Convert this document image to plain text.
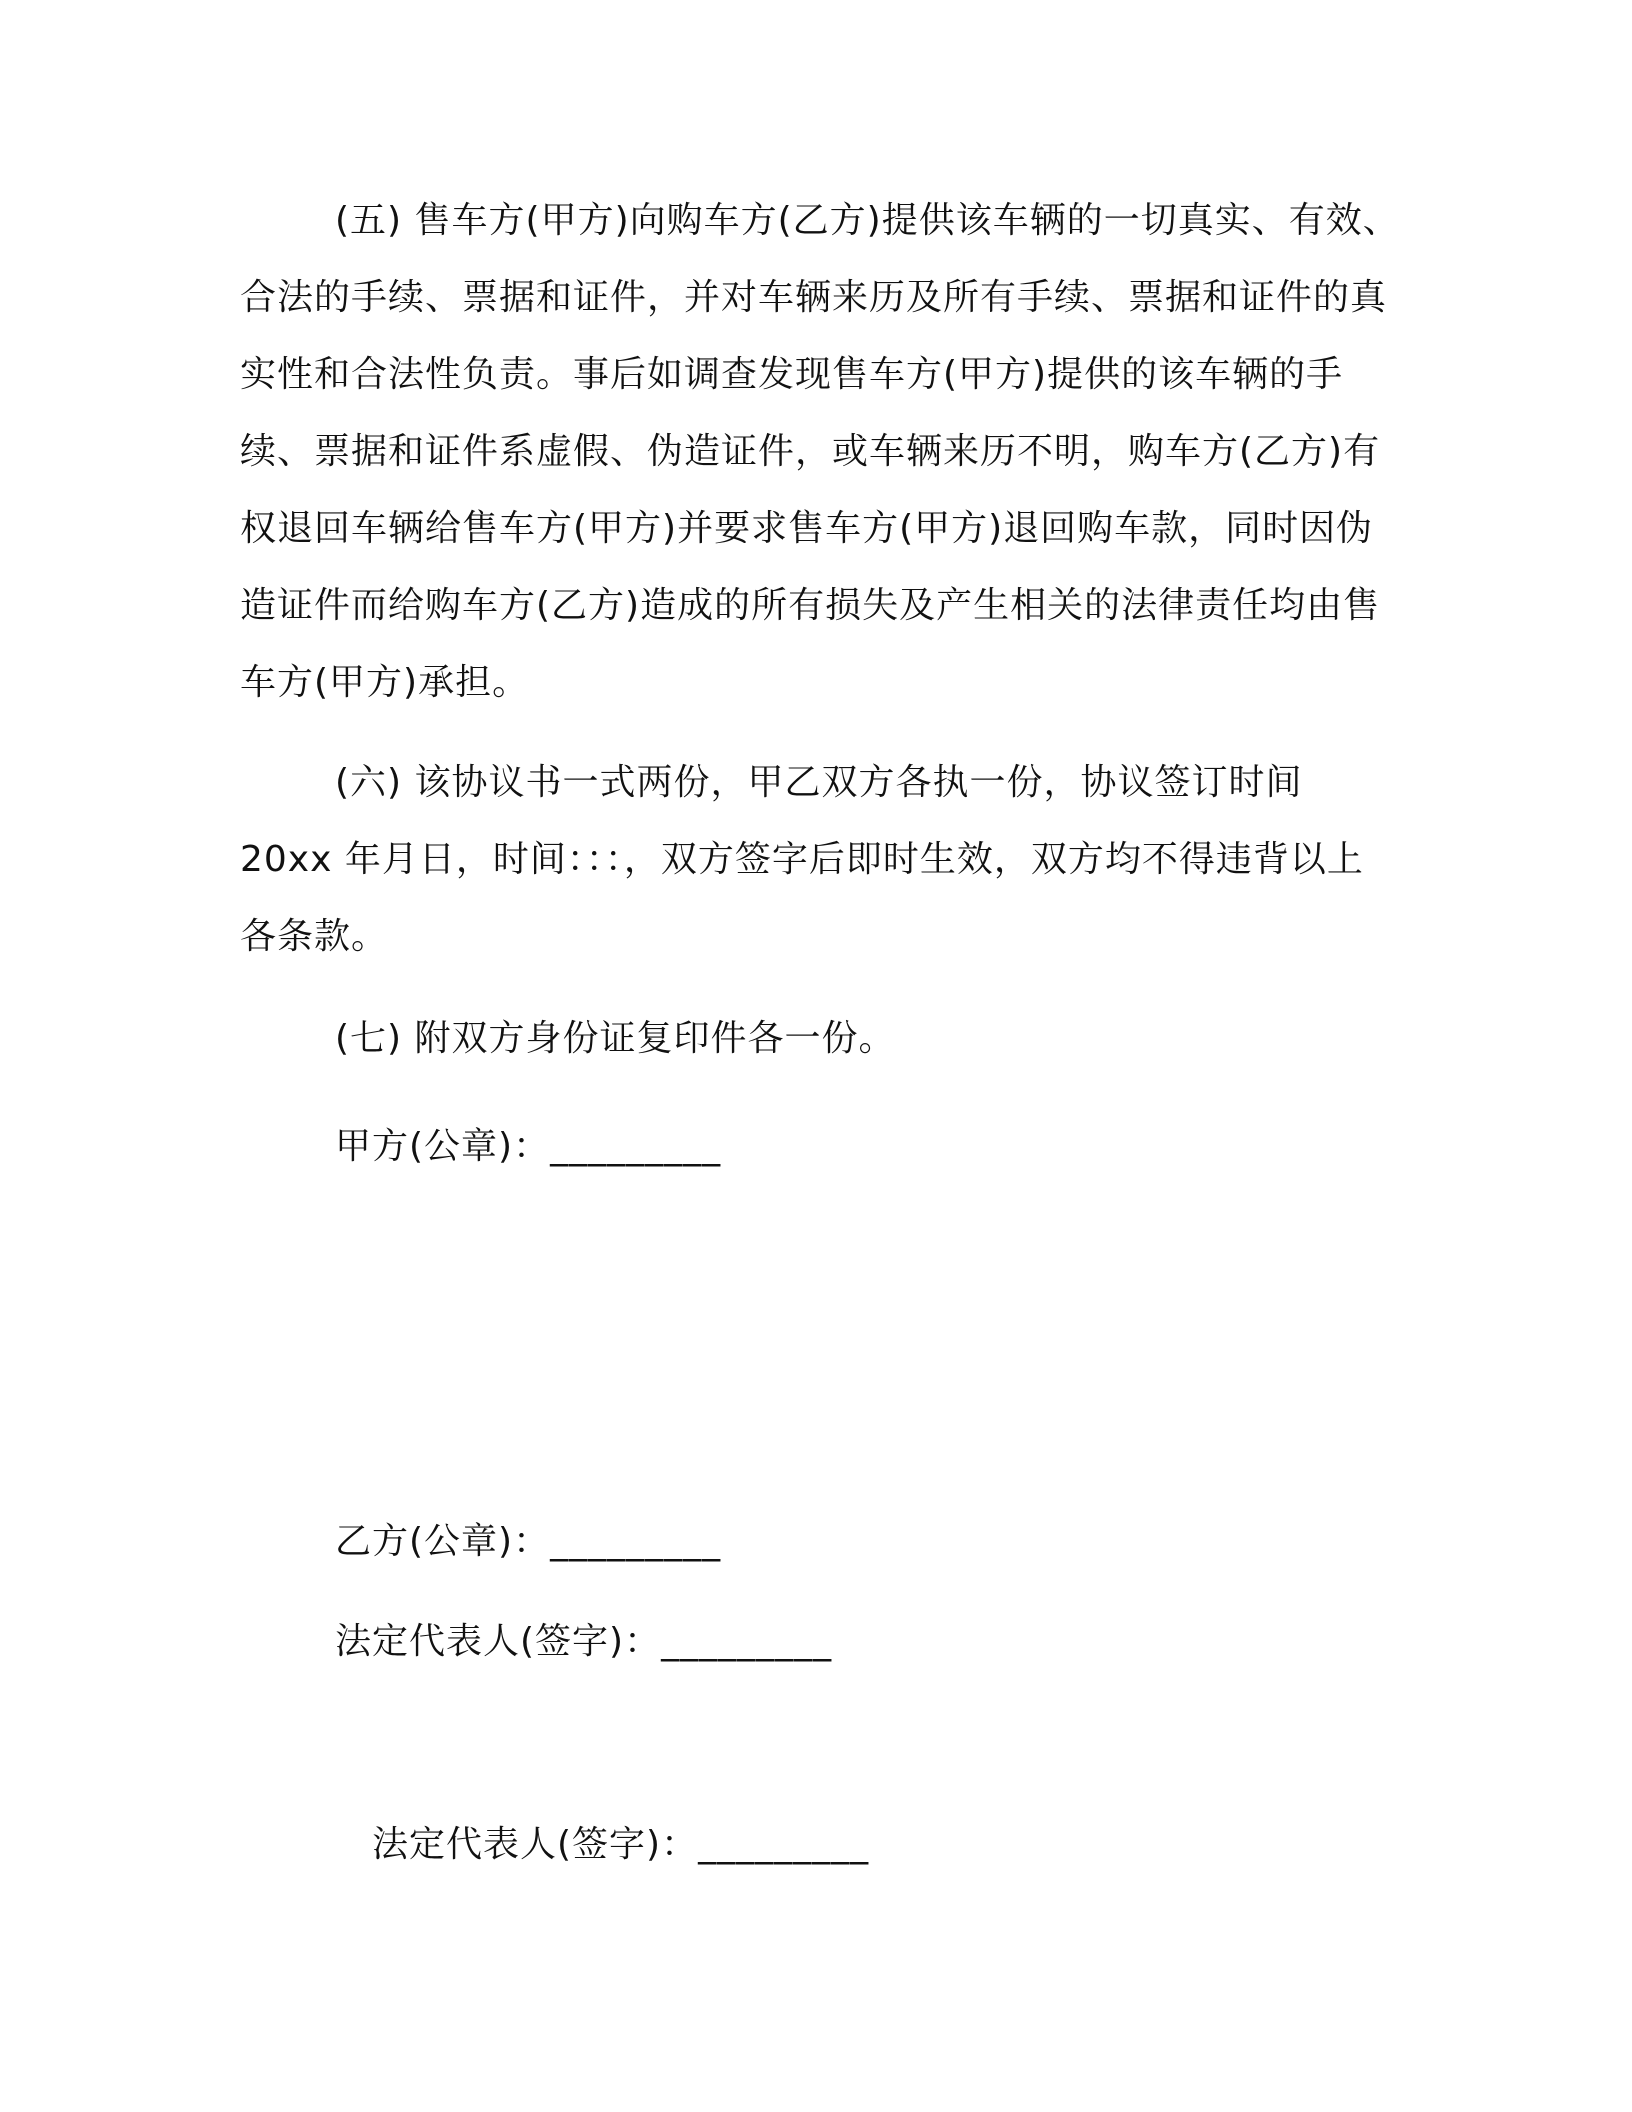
(五) 售车方(甲方)向购车方(乙方)提供该车辆的一切真实、有效、合法的手续、票据和证件，并对车辆来历及所有手续、票据和证件的真实性和合法性负责。事后如调查发现售车方(甲方)提供的该车辆的手续、票据和证件系虚假、伪造证件，或车辆来历不明，购车方(乙方)有权退回车辆给售车方(甲方)并要求售车方(甲方)退回购车款，同时因伪造证件而给购车方(乙方)造成的所有损失及产生相关的法律责任均由售车方(甲方)承担。

(六) 该协议书一式两份，甲乙双方各执一份，协议签订时间 20xx 年月日，时间：：：，双方签字后即时生效，双方均不得违背以上各条款。

(七) 附双方身份证复印件各一份。

甲方(公章)：_________

乙方(公章)：_________

法定代表人(签字)：_________

法定代表人(签字)：_________
